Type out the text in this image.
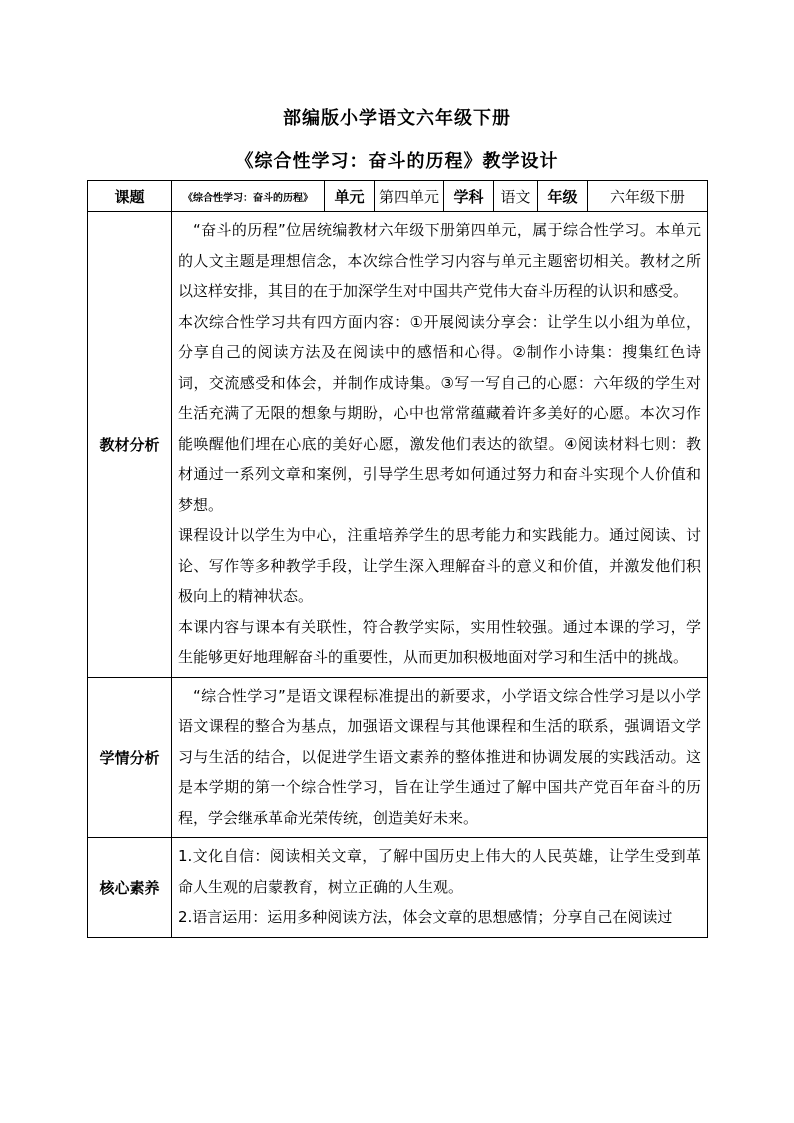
部编版小学语文六年级下册
《综合性学习：奋斗的历程》教学设计
课题	《综合性学习：奋斗的历程》	单元	第四单元	学科	语文	年级	六年级下册
教材分析	“奋斗的历程”位居统编教材六年级下册第四单元，属于综合性学习。本单元的人文主题是理想信念，本次综合性学习内容与单元主题密切相关。教材之所以这样安排，其目的在于加深学生对中国共产党伟大奋斗历程的认识和感受。

本次综合性学习共有四方面内容：①开展阅读分享会：让学生以小组为单位，分享自己的阅读方法及在阅读中的感悟和心得。②制作小诗集：搜集红色诗词，交流感受和体会，并制作成诗集。③写一写自己的心愿：六年级的学生对生活充满了无限的想象与期盼，心中也常常蕴藏着许多美好的心愿。本次习作能唤醒他们埋在心底的美好心愿，激发他们表达的欲望。④阅读材料七则：教材通过一系列文章和案例，引导学生思考如何通过努力和奋斗实现个人价值和梦想。

课程设计以学生为中心，注重培养学生的思考能力和实践能力。通过阅读、讨论、写作等多种教学手段，让学生深入理解奋斗的意义和价值，并激发他们积极向上的精神状态。

本课内容与课本有关联性，符合教学实际，实用性较强。通过本课的学习，学生能够更好地理解奋斗的重要性，从而更加积极地面对学习和生活中的挑战。						

学情分析	“综合性学习”是语文课程标准提出的新要求，小学语文综合性学习是以小学语文课程的整合为基点，加强语文课程与其他课程和生活的联系，强调语文学习与生活的结合，以促进学生语文素养的整体推进和协调发展的实践活动。这是本学期的第一个综合性学习，旨在让学生通过了解中国共产党百年奋斗的历程，学会继承革命光荣传统，创造美好未来。						

核心素养	1.文化自信：阅读相关文章，了解中国历史上伟大的人民英雄，让学生受到革命人生观的启蒙教育，树立正确的人生观。

2.语言运用：运用多种阅读方法，体会文章的思想感情；分享自己在阅读过						
